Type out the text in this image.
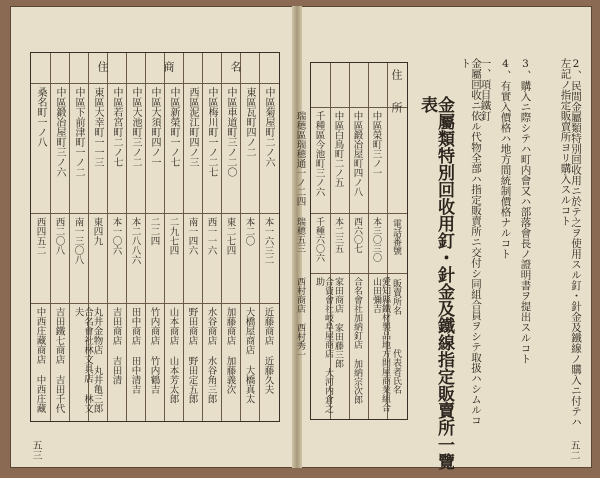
名
商
住
中區菊屋町二ノ六
本一六三二
近藤商店 近藤久夫
東區瓦町四ノ二
本二〇
大橋屋商店 大橋真太
中區車道町三ノ二〇
東二七四
加藤商店 加藤義次
中區梅川町一ノ二七
西一一六
水谷商店 水谷角三郎
西區泥江町四ノ三
南一四六
野田商店 野田定五郎
中區新榮町一ノ七
二九七四
山本商店 山本芳太郎
中區大須町四ノ一
二二四
竹内商店 竹内鶴吉
中區大池町三ノ二
本二八八六
田中商店 田中清吉
中區若宮町二ノ七
本一〇六
吉田商店 吉田清
東區大幸町一一三
東四九
丸井金物店 丸井亀三郎
中區下前津町一ノ二
南一三〇八
合名會社林文具店 林文夫
中區鍛冶屋町三ノ六
西二〇八
吉田鐵七商店 吉田千代
桑名町一ノ八
西四五二
中西庄藏商店 中西庄藏
五三	金屬類特別回收用釘・針金及鐵線指定販賣所一覽表	2、民間金屬類特別回收用ニ於テ之ヲ使用スル釘・針金及鐵線ノ購入ニ付テハ左記ノ指定販賣所ヨリ購入スルコト
3、購入ニ際シテハ町内會又ハ部落會長ノ證明書ヲ提出スルコト
4、有實入價格ハ地方間統制價格ナルコト
一、項目鐵釘
金屬回收ニ依ル代物全部ハ指定販賣所ニ交付シ同組合員ヲシテ取扱ハシムルコト
住　　所
電話番號
販賣所名
代表者氏名
中區榮町三ノ一
本三〇三〇
愛知縣鐵材製品地方問屋商業組合 山田彌吉
中區鍛冶屋町四ノ八
西六〇七
合名會社加納釘店 加納宗次郎
中區白鳥町二ノ五
本二三五
家田商店 家田藤三郎
千種區今池町三ノ六
千種六〇六
合資會社岐阜屋商店 大河内倉之助
瑞穂區瑞穂通一ノ二四
瑞穂五三
西村商店 西村秀一
五二
